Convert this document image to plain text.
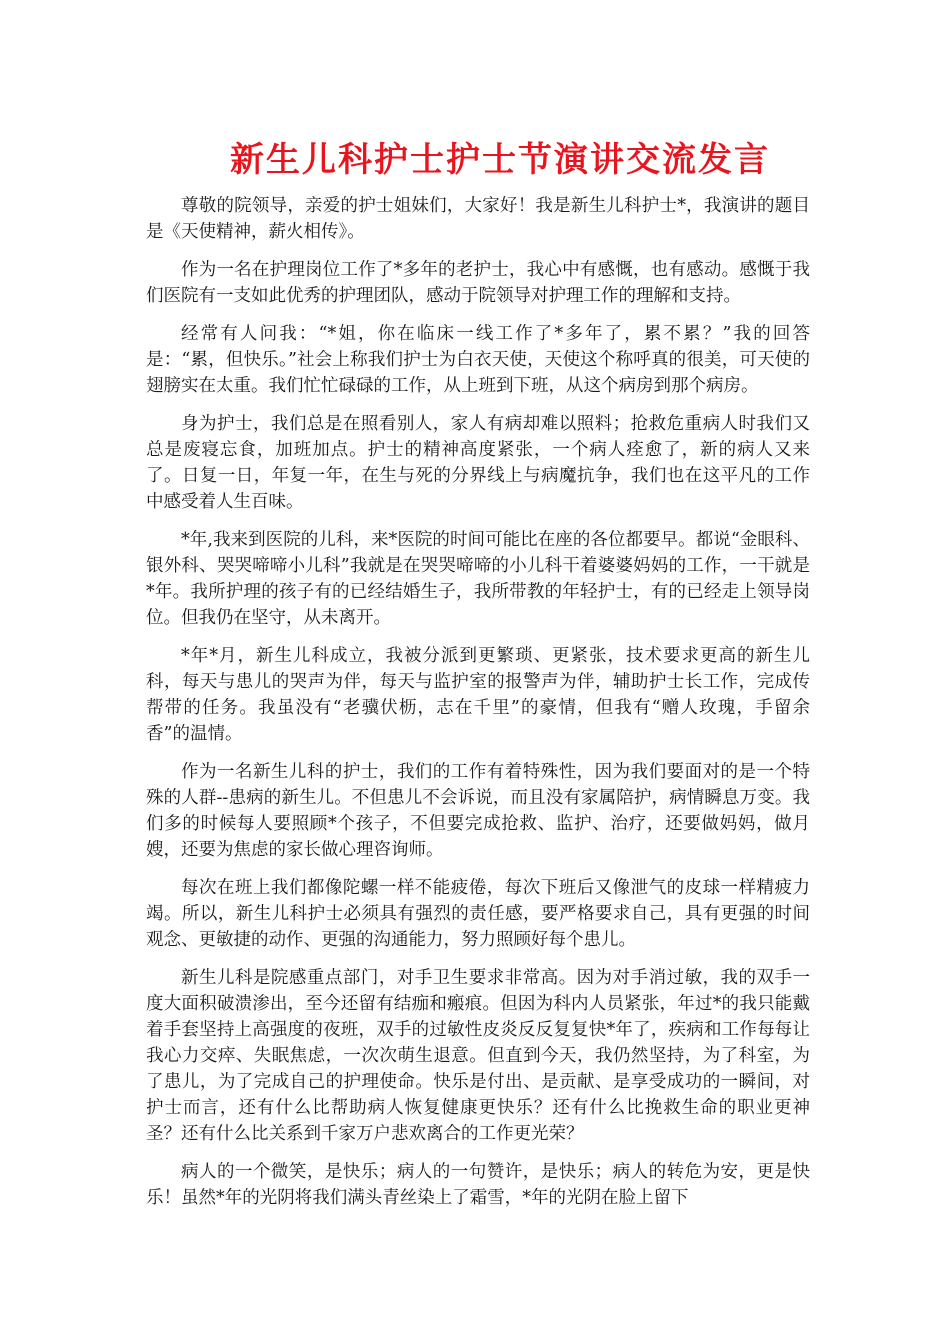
新生儿科护士护士节演讲交流发言

尊敬的院领导，亲爱的护士姐妹们，大家好！我是新生儿科护士*，我演讲的题目是《天使精神，薪火相传》。

作为一名在护理岗位工作了*多年的老护士，我心中有感慨，也有感动。感慨于我们医院有一支如此优秀的护理团队，感动于院领导对护理工作的理解和支持。

经常有人问我：“*姐，你在临床一线工作了*多年了，累不累？”我的回答是：“累，但快乐。”社会上称我们护士为白衣天使，天使这个称呼真的很美，可天使的翅膀实在太重。我们忙忙碌碌的工作，从上班到下班，从这个病房到那个病房。

身为护士，我们总是在照看别人，家人有病却难以照料；抢救危重病人时我们又总是废寝忘食，加班加点。护士的精神高度紧张，一个病人痊愈了，新的病人又来了。日复一日，年复一年，在生与死的分界线上与病魔抗争，我们也在这平凡的工作中感受着人生百味。

*年,我来到医院的儿科，来*医院的时间可能比在座的各位都要早。都说“金眼科、银外科、哭哭啼啼小儿科”我就是在哭哭啼啼的小儿科干着婆婆妈妈的工作，一干就是*年。我所护理的孩子有的已经结婚生子，我所带教的年轻护士，有的已经走上领导岗位。但我仍在坚守，从未离开。

*年*月，新生儿科成立，我被分派到更繁琐、更紧张，技术要求更高的新生儿科，每天与患儿的哭声为伴，每天与监护室的报警声为伴，辅助护士长工作，完成传帮带的任务。我虽没有“老骥伏枥，志在千里”的豪情，但我有“赠人玫瑰，手留余香”的温情。

作为一名新生儿科的护士，我们的工作有着特殊性，因为我们要面对的是一个特殊的人群--患病的新生儿。不但患儿不会诉说，而且没有家属陪护，病情瞬息万变。我们多的时候每人要照顾*个孩子，不但要完成抢救、监护、治疗，还要做妈妈，做月嫂，还要为焦虑的家长做心理咨询师。

每次在班上我们都像陀螺一样不能疲倦，每次下班后又像泄气的皮球一样精疲力竭。所以，新生儿科护士必须具有强烈的责任感，要严格要求自己，具有更强的时间观念、更敏捷的动作、更强的沟通能力，努力照顾好每个患儿。

新生儿科是院感重点部门，对手卫生要求非常高。因为对手消过敏，我的双手一度大面积破溃渗出，至今还留有结痂和瘢痕。但因为科内人员紧张，年过*的我只能戴着手套坚持上高强度的夜班，双手的过敏性皮炎反反复复快*年了，疾病和工作每每让我心力交瘁、失眠焦虑，一次次萌生退意。但直到今天，我仍然坚持，为了科室，为了患儿，为了完成自己的护理使命。快乐是付出、是贡献、是享受成功的一瞬间，对护士而言，还有什么比帮助病人恢复健康更快乐？还有什么比挽救生命的职业更神圣？还有什么比关系到千家万户悲欢离合的工作更光荣？

病人的一个微笑，是快乐；病人的一句赞许，是快乐；病人的转危为安，更是快乐！虽然*年的光阴将我们满头青丝染上了霜雪，*年的光阴在脸上留下
